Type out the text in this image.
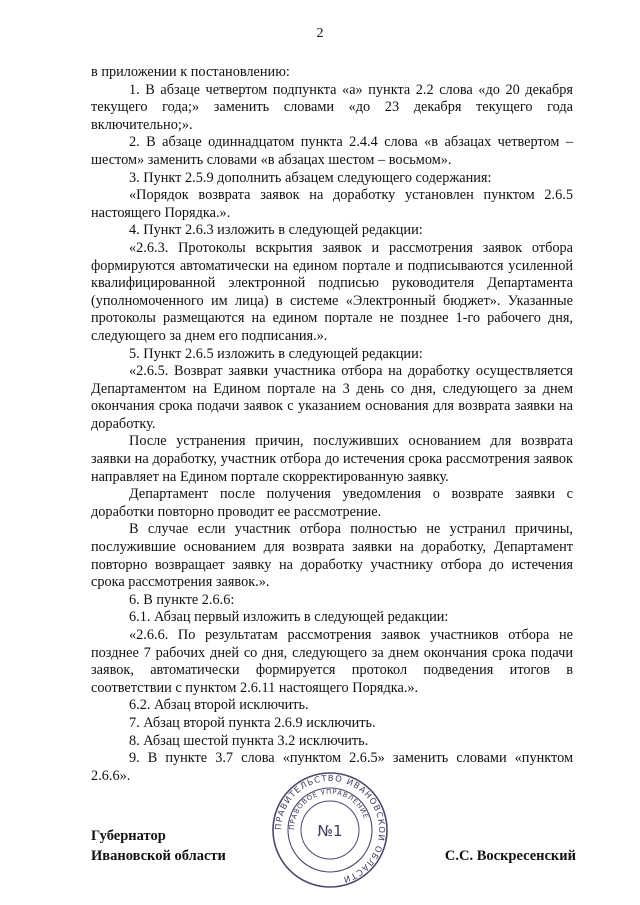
2

в приложении к постановлению:

1. В абзаце четвертом подпункта «а» пункта 2.2 слова «до 20 декабря текущего года;» заменить словами «до 23 декабря текущего года включительно;».

2. В абзаце одиннадцатом пункта 2.4.4 слова «в абзацах четвертом – шестом» заменить словами «в абзацах шестом – восьмом».

3. Пункт 2.5.9 дополнить абзацем следующего содержания:

«Порядок возврата заявок на доработку установлен пунктом 2.6.5 настоящего Порядка.».

4. Пункт 2.6.3 изложить в следующей редакции:

«2.6.3. Протоколы вскрытия заявок и рассмотрения заявок отбора формируются автоматически на едином портале и подписываются усиленной квалифицированной электронной подписью руководителя Департамента (уполномоченного им лица) в системе «Электронный бюджет». Указанные протоколы размещаются на едином портале не позднее 1-го рабочего дня, следующего за днем его подписания.».

5. Пункт 2.6.5 изложить в следующей редакции:

«2.6.5. Возврат заявки участника отбора на доработку осуществляется Департаментом на Едином портале на 3 день со дня, следующего за днем окончания срока подачи заявок с указанием основания для возврата заявки на доработку.

После устранения причин, послуживших основанием для возврата заявки на доработку, участник отбора до истечения срока рассмотрения заявок направляет на Едином портале скорректированную заявку.

Департамент после получения уведомления о возврате заявки с доработки повторно проводит ее рассмотрение.

В случае если участник отбора полностью не устранил причины, послужившие основанием для возврата заявки на доработку, Департамент повторно возвращает заявку на доработку участнику отбора до истечения срока рассмотрения заявок.».

6. В пункте 2.6.6:

6.1. Абзац первый изложить в следующей редакции:

«2.6.6. По результатам рассмотрения заявок участников отбора не позднее 7 рабочих дней со дня, следующего за днем окончания срока подачи заявок, автоматически формируется протокол подведения итогов в соответствии с пунктом 2.6.11 настоящего Порядка.».

6.2. Абзац второй исключить.

7. Абзац второй пункта 2.6.9 исключить.

8. Абзац шестой пункта 3.2 исключить.

9. В пункте 3.7 слова «пунктом 2.6.5» заменить словами «пунктом 2.6.6».

Губернатор
Ивановской области
ПРАВИТЕЛЬСТВО ИВАНОВСКОЙ ОБЛАСТИ
ПРАВОВОЕ УПРАВЛЕНИЕ
№1
С.С. Воскресенский
